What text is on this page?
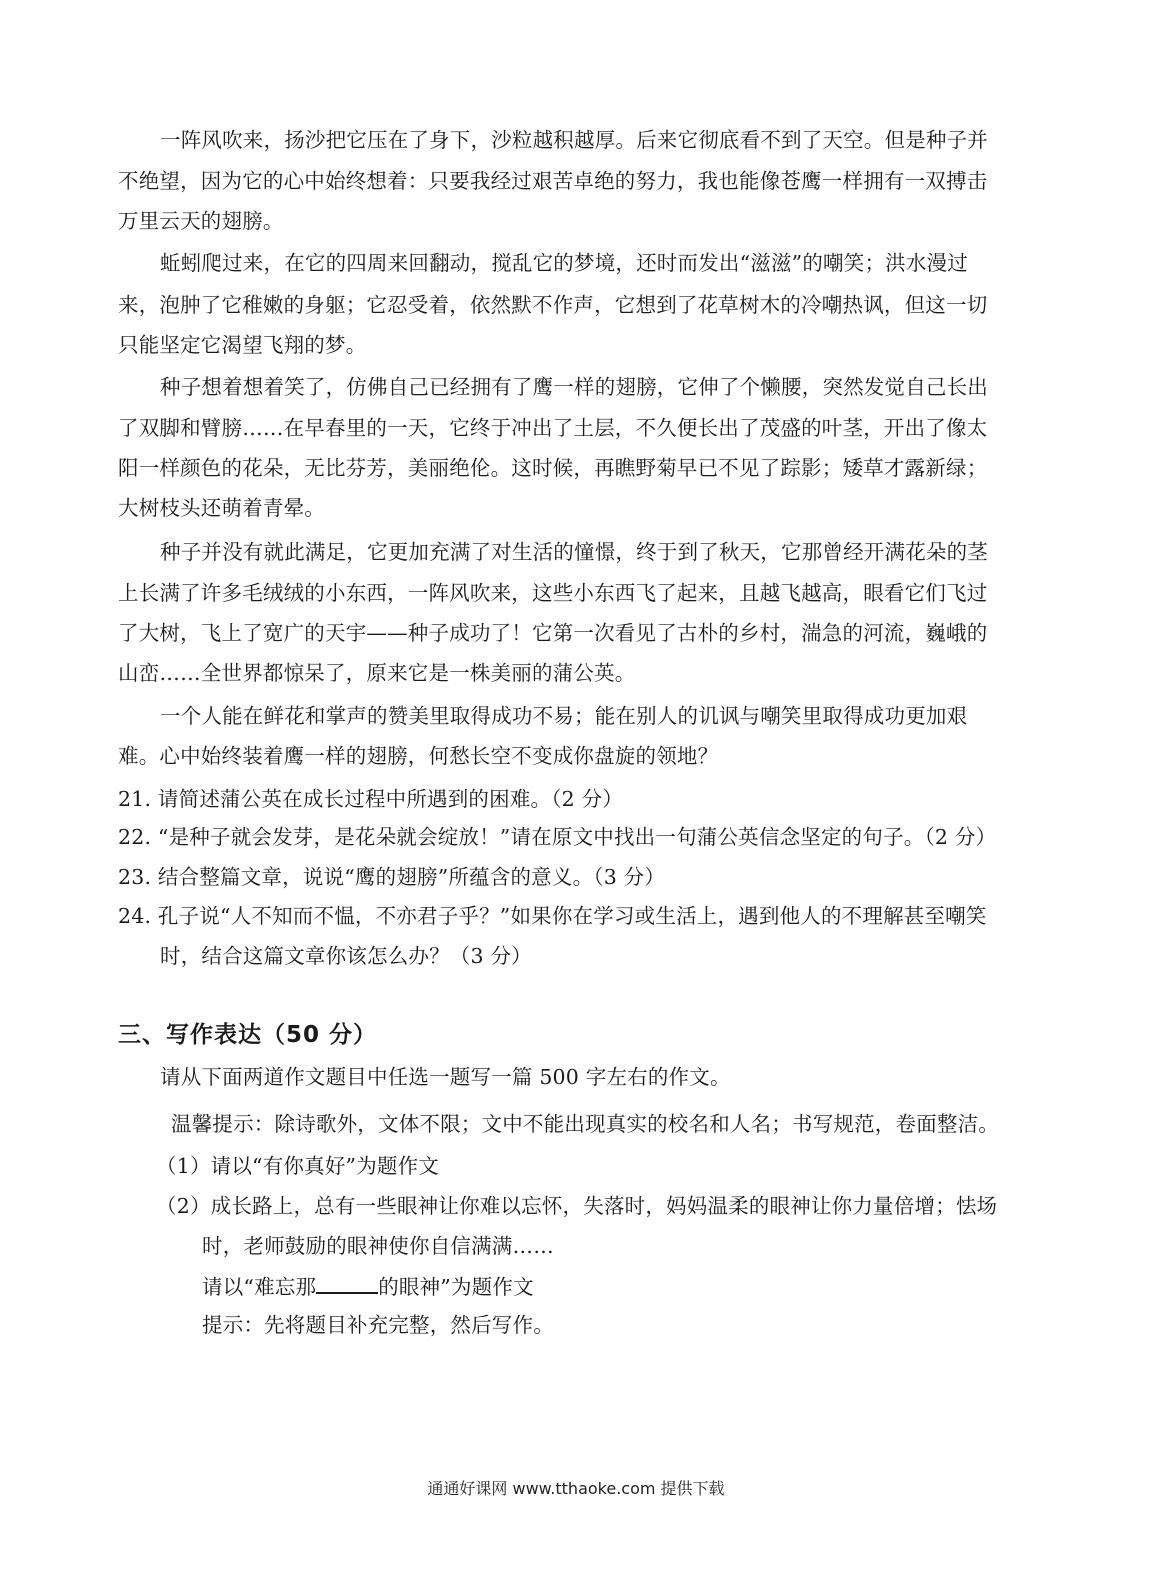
一阵风吹来，扬沙把它压在了身下，沙粒越积越厚。后来它彻底看不到了天空。但是种子并
不绝望，因为它的心中始终想着：只要我经过艰苦卓绝的努力，我也能像苍鹰一样拥有一双搏击
万里云天的翅膀。
蚯蚓爬过来，在它的四周来回翻动，搅乱它的梦境，还时而发出“滋滋”的嘲笑；洪水漫过
来，泡肿了它稚嫩的身躯；它忍受着，依然默不作声，它想到了花草树木的冷嘲热讽，但这一切
只能坚定它渴望飞翔的梦。
种子想着想着笑了，仿佛自己已经拥有了鹰一样的翅膀，它伸了个懒腰，突然发觉自己长出
了双脚和臂膀……在早春里的一天，它终于冲出了土层，不久便长出了茂盛的叶茎，开出了像太
阳一样颜色的花朵，无比芬芳，美丽绝伦。这时候，再瞧野菊早已不见了踪影；矮草才露新绿；
大树枝头还萌着青晕。
种子并没有就此满足，它更加充满了对生活的憧憬，终于到了秋天，它那曾经开满花朵的茎
上长满了许多毛绒绒的小东西，一阵风吹来，这些小东西飞了起来，且越飞越高，眼看它们飞过
了大树，飞上了宽广的天宇——种子成功了！它第一次看见了古朴的乡村，湍急的河流，巍峨的
山峦……全世界都惊呆了，原来它是一株美丽的蒲公英。
一个人能在鲜花和掌声的赞美里取得成功不易；能在别人的讥讽与嘲笑里取得成功更加艰
难。心中始终装着鹰一样的翅膀，何愁长空不变成你盘旋的领地？
21. 请简述蒲公英在成长过程中所遇到的困难。（2 分）
22. “是种子就会发芽，是花朵就会绽放！”请在原文中找出一句蒲公英信念坚定的句子。（2 分）
23. 结合整篇文章，说说“鹰的翅膀”所蕴含的意义。（3 分）
24. 孔子说“人不知而不愠，不亦君子乎？”如果你在学习或生活上，遇到他人的不理解甚至嘲笑
时，结合这篇文章你该怎么办？（3 分）
三、写作表达（50 分）
请从下面两道作文题目中任选一题写一篇 500 字左右的作文。
温馨提示：除诗歌外，文体不限；文中不能出现真实的校名和人名；书写规范，卷面整洁。
（1）请以“有你真好”为题作文
（2）成长路上，总有一些眼神让你难以忘怀，失落时，妈妈温柔的眼神让你力量倍增；怯场
时，老师鼓励的眼神使你自信满满……
请以“难忘那	的眼神”为题作文
提示：先将题目补充完整，然后写作。
通通好课网 www.tthaoke.com 提供下载
